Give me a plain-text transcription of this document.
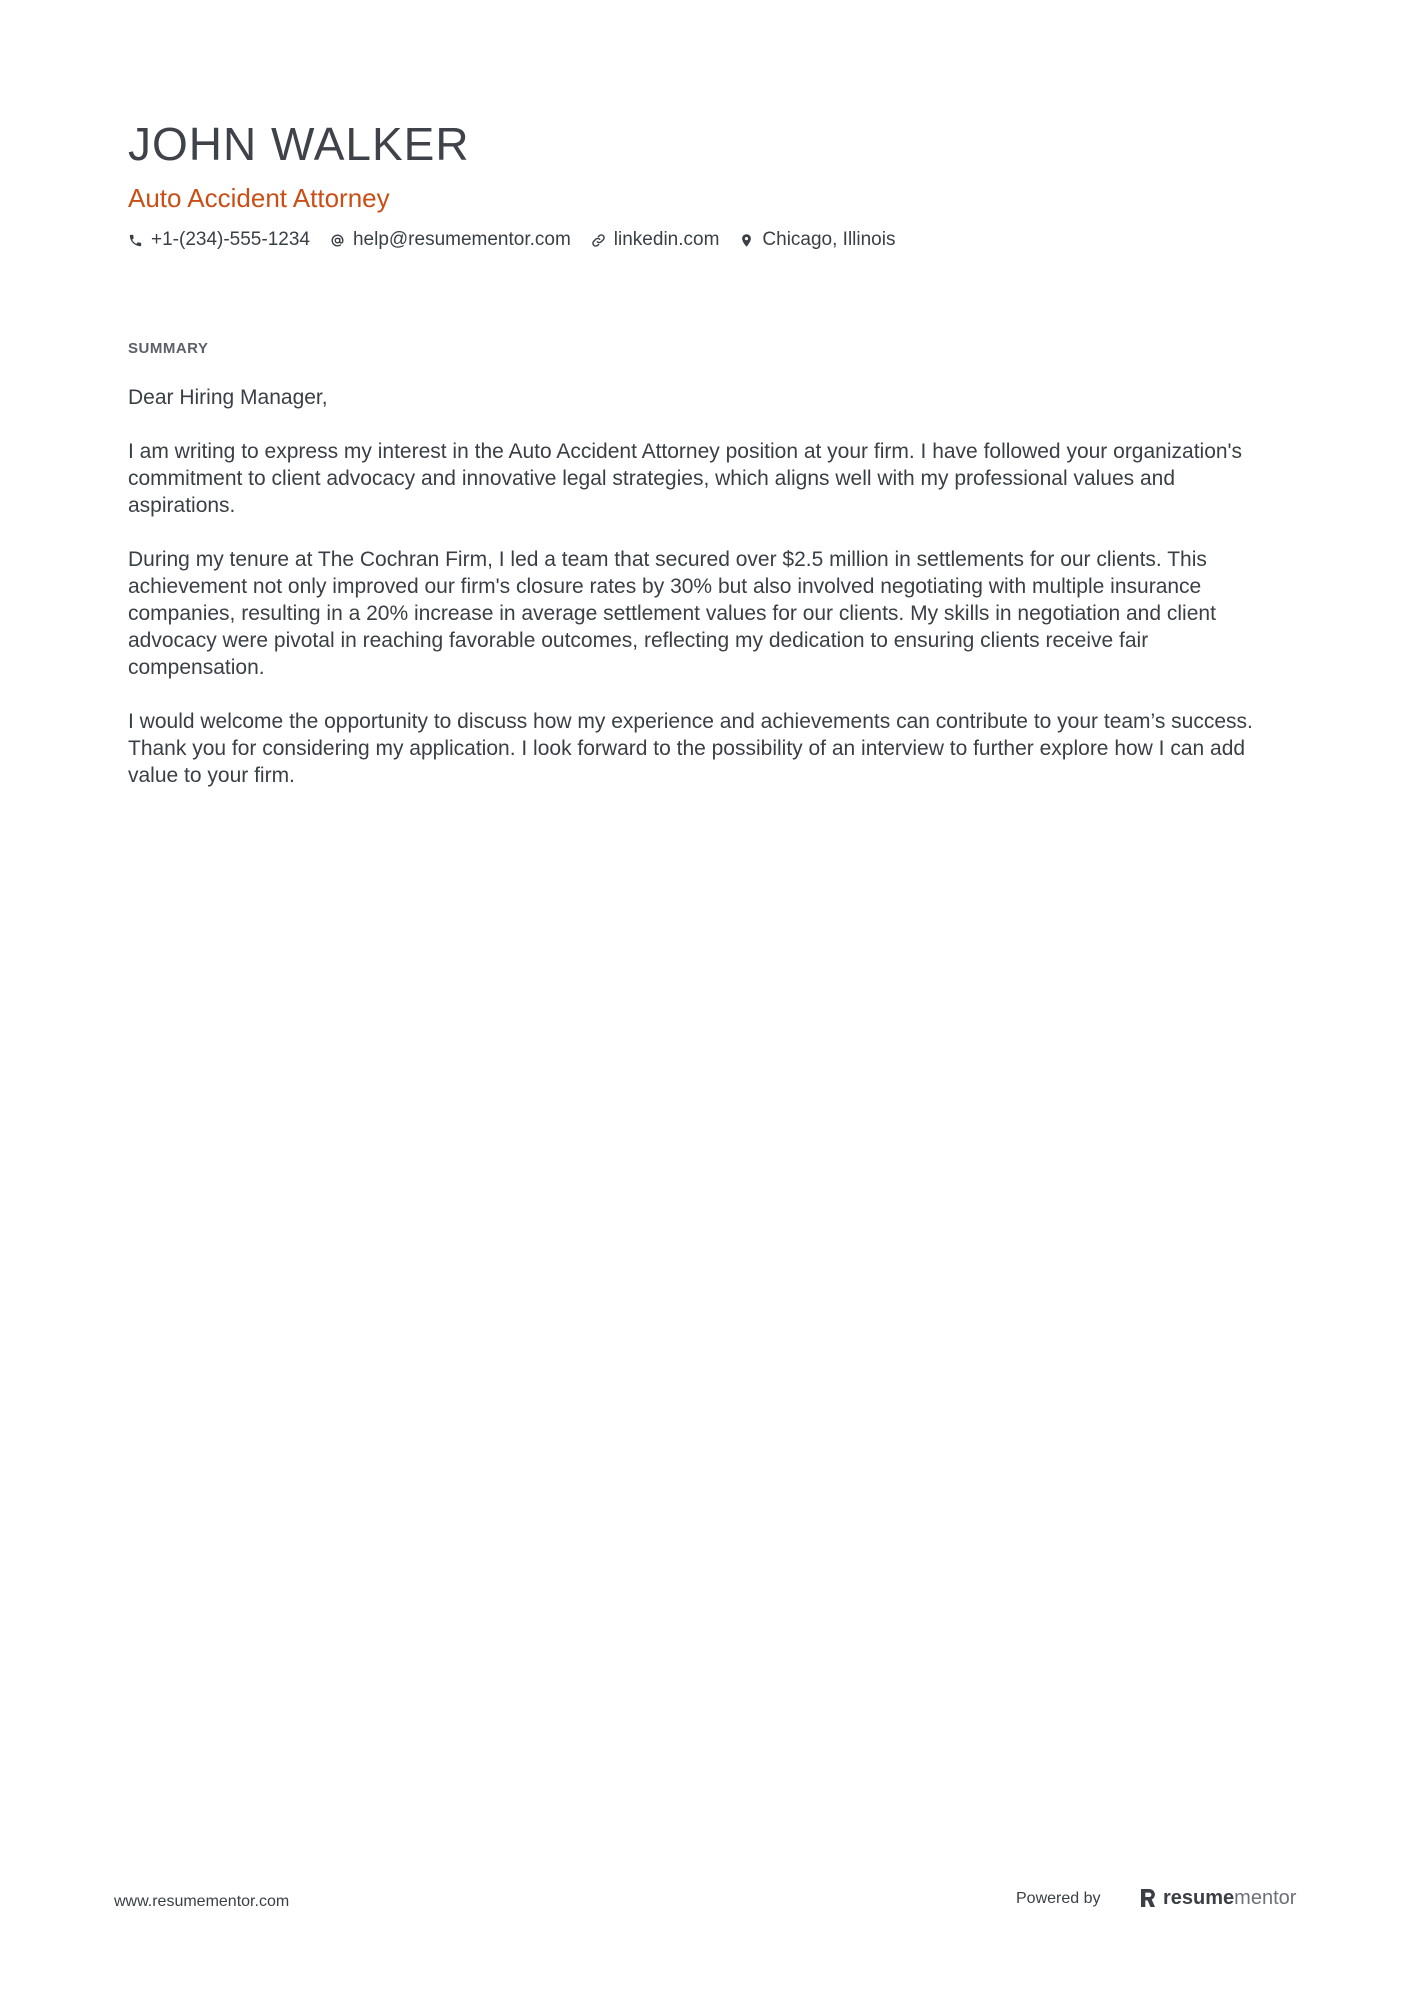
JOHN WALKER
Auto Accident Attorney
+1-(234)-555-1234 help@resumementor.com linkedin.com Chicago, Illinois
SUMMARY

Dear Hiring Manager,

I am writing to express my interest in the Auto Accident Attorney position at your firm. I have followed your organization's commitment to client advocacy and innovative legal strategies, which aligns well with my professional values and aspirations.

During my tenure at The Cochran Firm, I led a team that secured over $2.5 million in settlements for our clients. This achievement not only improved our firm's closure rates by 30% but also involved negotiating with multiple insurance companies, resulting in a 20% increase in average settlement values for our clients. My skills in negotiation and client advocacy were pivotal in reaching favorable outcomes, reflecting my dedication to ensuring clients receive fair compensation.

I would welcome the opportunity to discuss how my experience and achievements can contribute to your team’s success. Thank you for considering my application. I look forward to the possibility of an interview to further explore how I can add value to your firm.

www.resumementor.com	Powered by	resume mentor
